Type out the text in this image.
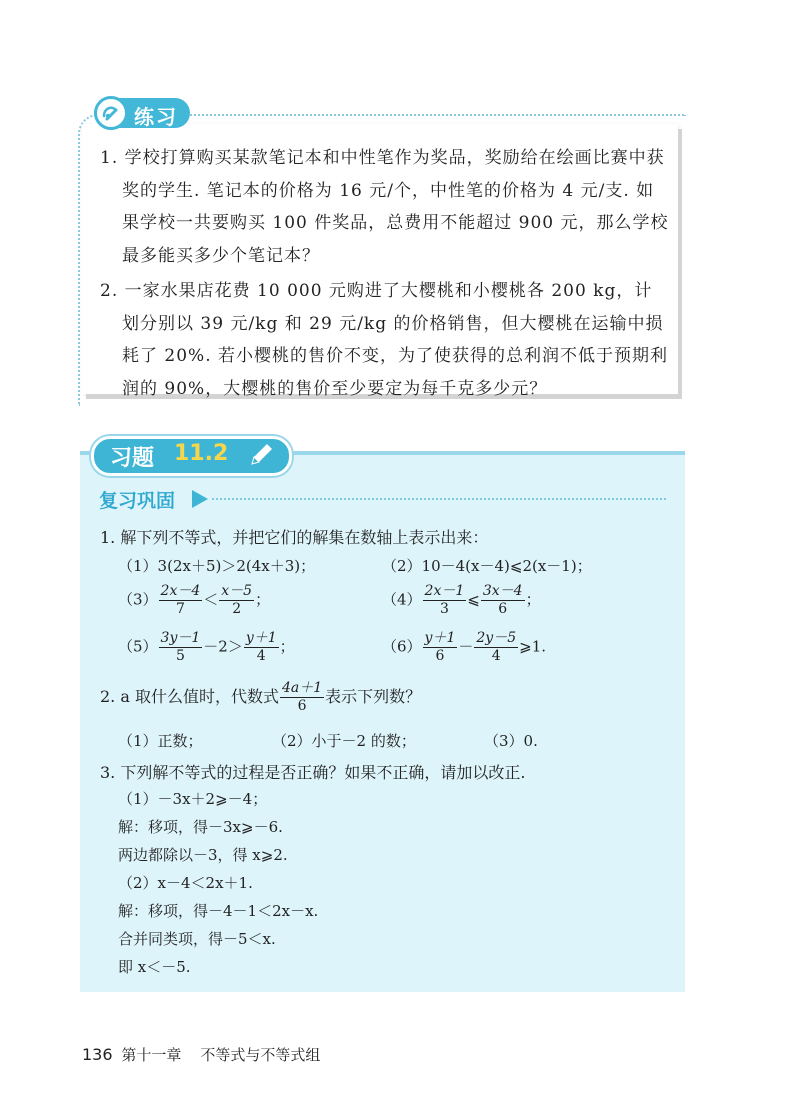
练习
1. 学校打算购买某款笔记本和中性笔作为奖品，奖励给在绘画比赛中获奖的学生. 笔记本的价格为 16 元/个，中性笔的价格为 4 元/支. 如果学校一共要购买 100 件奖品，总费用不能超过 900 元，那么学校最多能买多少个笔记本？
2. 一家水果店花费 10 000 元购进了大樱桃和小樱桃各 200 kg，计划分别以 39 元/kg 和 29 元/kg 的价格销售，但大樱桃在运输中损耗了 20%. 若小樱桃的售价不变，为了使获得的总利润不低于预期利润的 90%，大樱桃的售价至少要定为每千克多少元？
习题 11.2
复习巩固
1. 解下列不等式，并把它们的解集在数轴上表示出来：
（1）3(2x＋5)＞2(4x＋3)；	（2）10－4(x－4)⩽2(x－1)；
$(3) \frac{2x-4}{7} < \frac{x-5}{2}$ ；	$(4) \frac{2x-1}{3}$ ⩽ $\frac{3x-4}{6}$ ；
$(5) \frac{3y-1}{5} -2> \frac{y+1}{4}$ ；	$(6) \frac{y+1}{6} - \frac{2y-5}{4}$ ⩾1.
2. a 取什么值时，代数式 $\frac{4a+1}{6}$ 表示下列数？
（1）正数；	（2）小于－2 的数；	（3）0.
3. 下列解不等式的过程是否正确？如果不正确，请加以改正.
（1）－3x＋2⩾－4；
解：移项，得－3x⩾－6.
两边都除以－3，得 x⩾2.
（2）x－4＜2x＋1.
解：移项，得－4－1＜2x－x.
合并同类项，得－5＜x.
即 x＜－5.
136 第十一章 不等式与不等式组
